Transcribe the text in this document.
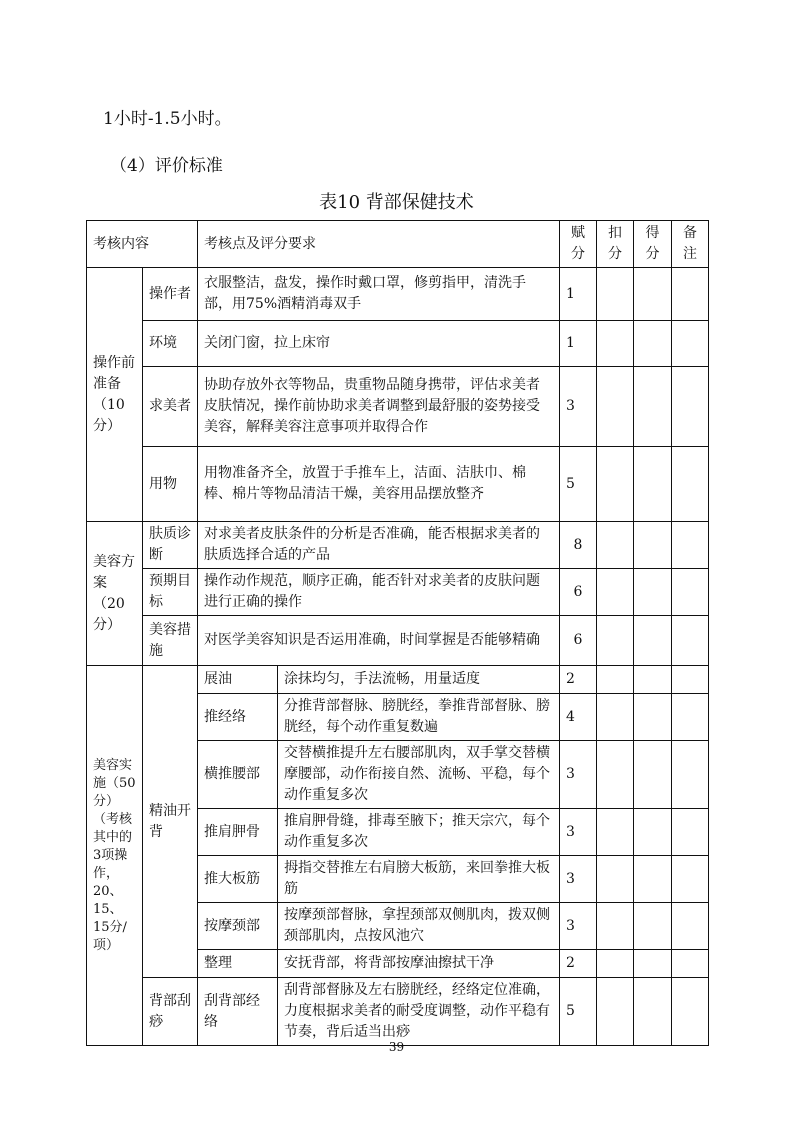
1小时-1.5小时。
（4）评价标准
表10 背部保健技术
考核内容		考核点及评分要求		赋分	扣分	得分	备注
操作前准备（10分）	操作者	衣服整洁，盘发，操作时戴口罩，修剪指甲，清洗手部，用75%酒精消毒双手		1			
	环境	关闭门窗，拉上床帘		1			
	求美者	协助存放外衣等物品，贵重物品随身携带，评估求美者皮肤情况，操作前协助求美者调整到最舒服的姿势接受美容，解释美容注意事项并取得合作		3			
	用物	用物准备齐全，放置于手推车上，洁面、洁肤巾、棉棒、棉片等物品清洁干燥，美容用品摆放整齐		5			
美容方案（20分）	肤质诊断	对求美者皮肤条件的分析是否准确，能否根据求美者的肤质选择合适的产品		8			
	预期目标	操作动作规范，顺序正确，能否针对求美者的皮肤问题进行正确的操作		6			
	美容措施	对医学美容知识是否运用准确，时间掌握是否能够精确		6			
美容实施（50分）（考核其中的3项操作，20、15、15分/项）	精油开背	展油	涂抹均匀，手法流畅，用量适度	2			
		推经络	分推背部督脉、膀胱经，拳推背部督脉、膀胱经，每个动作重复数遍	4			
		横推腰部	交替横推提升左右腰部肌肉，双手掌交替横摩腰部，动作衔接自然、流畅、平稳，每个动作重复多次	3			
		推肩胛骨	推肩胛骨缝，排毒至腋下；推天宗穴，每个动作重复多次	3			
		推大板筋	拇指交替推左右肩膀大板筋，来回拳推大板筋	3			
		按摩颈部	按摩颈部督脉，拿捏颈部双侧肌肉，拨双侧颈部肌肉，点按风池穴	3			
		整理	安抚背部，将背部按摩油擦拭干净	2			
	背部刮痧	刮背部经络	刮背部督脉及左右膀胱经，经络定位准确，力度根据求美者的耐受度调整，动作平稳有节奏，背后适当出痧	5			
39
